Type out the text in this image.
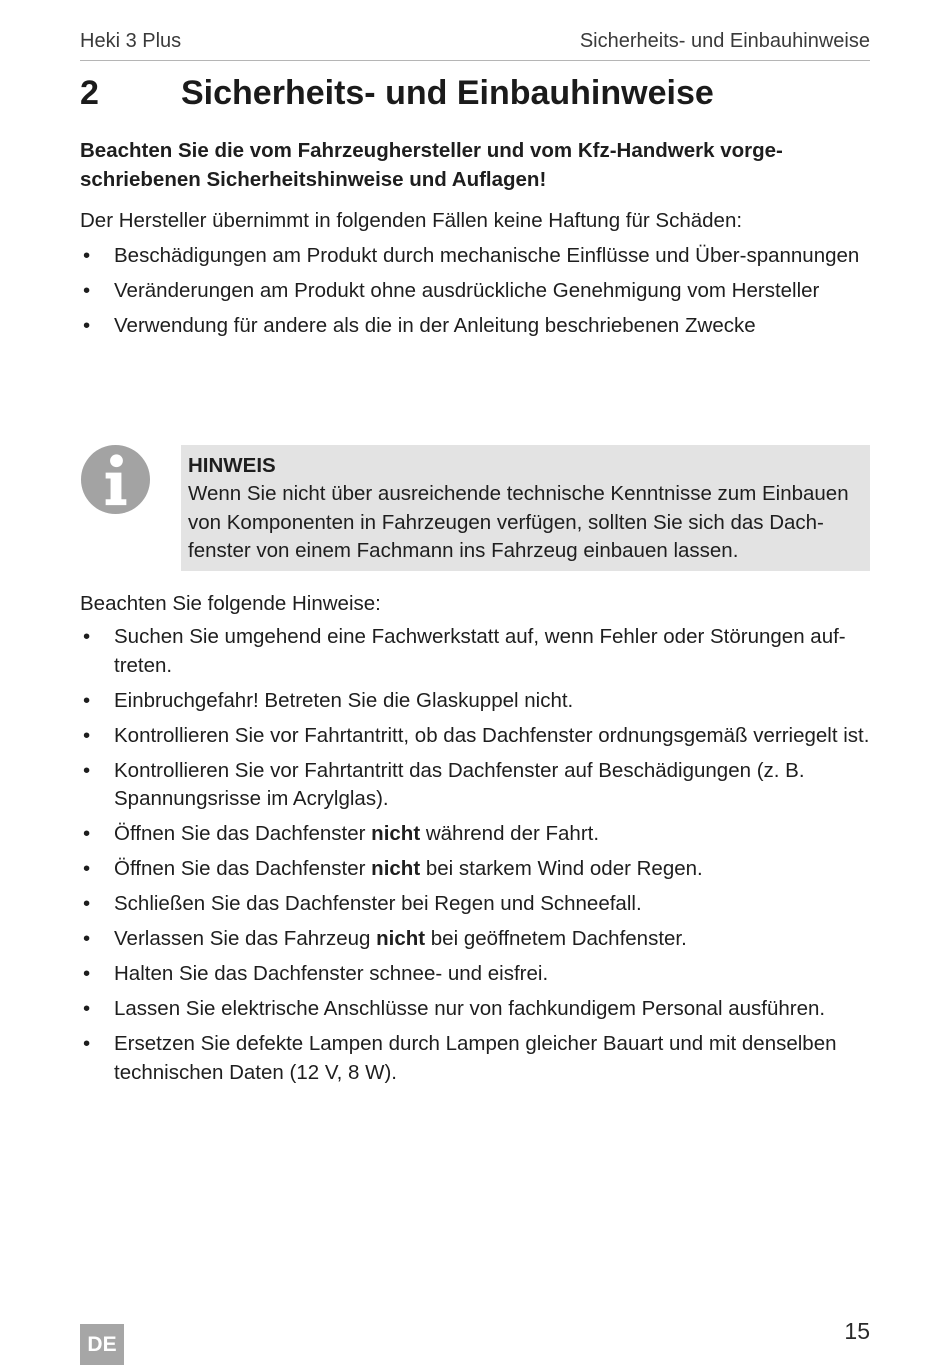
Heki 3 Plus	Sicherheits- und Einbauhinweise
2 Sicherheits- und Einbauhinweise
Beachten Sie die vom Fahrzeughersteller und vom Kfz-Handwerk vorge-schriebenen Sicherheitshinweise und Auflagen!
Der Hersteller übernimmt in folgenden Fällen keine Haftung für Schäden:
• Beschädigungen am Produkt durch mechanische Einflüsse und Über-spannungen
• Veränderungen am Produkt ohne ausdrückliche Genehmigung vom Hersteller
• Verwendung für andere als die in der Anleitung beschriebenen Zwecke
HINWEIS
Wenn Sie nicht über ausreichende technische Kenntnisse zum Einbauen von Komponenten in Fahrzeugen verfügen, sollten Sie sich das Dach-fenster von einem Fachmann ins Fahrzeug einbauen lassen.
Beachten Sie folgende Hinweise:
• Suchen Sie umgehend eine Fachwerkstatt auf, wenn Fehler oder Störungen auf-treten.
• Einbruchgefahr! Betreten Sie die Glaskuppel nicht.
• Kontrollieren Sie vor Fahrtantritt, ob das Dachfenster ordnungsgemäß verriegelt ist.
• Kontrollieren Sie vor Fahrtantritt das Dachfenster auf Beschädigungen (z. B. Spannungsrisse im Acrylglas).
• Öffnen Sie das Dachfenster nicht während der Fahrt.
• Öffnen Sie das Dachfenster nicht bei starkem Wind oder Regen.
• Schließen Sie das Dachfenster bei Regen und Schneefall.
• Verlassen Sie das Fahrzeug nicht bei geöffnetem Dachfenster.
• Halten Sie das Dachfenster schnee- und eisfrei.
• Lassen Sie elektrische Anschlüsse nur von fachkundigem Personal ausführen.
• Ersetzen Sie defekte Lampen durch Lampen gleicher Bauart und mit denselben technischen Daten (12 V, 8 W).
DE
15
